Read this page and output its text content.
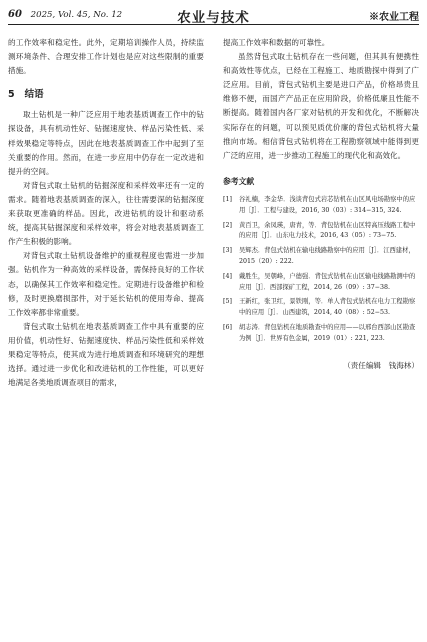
60 2025, Vol. 45, No. 12	农业与技术	※农业工程

的工作效率和稳定性。此外，定期培训操作人员，持续监测环境条件、合理安排工作计划也是应对这些限制的重要措施。

5 结语

取土钻机是一种广泛应用于地表基质调查工作中的钻探设备，具有机动性好、钻掘速度快、样品污染性低、采样效果稳定等特点，因此在地表基质调查工作中起到了至关重要的作用。然而，在进一步应用中仍存在一定改进和提升的空间。

对背包式取土钻机的钻掘深度和采样效率还有一定的需求。随着地表基质调查的深入，往往需要深的钻掘深度来获取更准确的样品。因此，改进钻机的设计和驱动系统，提高其钻掘深度和采样效率，将会对地表基质调查工作产生积极的影响。

对背包式取土钻机设备维护的重视程度也需进一步加强。钻机作为一种高效的采样设备，需保持良好的工作状态，以确保其工作效率和稳定性。定期进行设备维护和检修，及时更换磨损部件，对于延长钻机的使用寿命、提高工作效率都非常重要。

背包式取土钻机在地表基质调查工作中具有重要的应用价值，机动性好、钻掘速度快、样品污染性低和采样效果稳定等特点，使其成为进行地质调查和环境研究的理想选择。通过进一步优化和改进钻机的工作性能，可以更好地满足各类地质调查项目的需求，

提高工作效率和数据的可靠性。

虽然背包式取土钻机存在一些问题，但其具有便携性和高效性等优点，已经在工程施工、地质勘探中得到了广泛应用。目前，背包式钻机主要是进口产品，价格昂贵且维修不便，而国产产品正在应用阶段，价格低廉且性能不断提高。随着国内各厂家对钻机的开发和优化，不断解决实际存在的问题，可以预见质优价廉的背包式钻机将大量推向市场。相信背包式钻机将在工程勘察领域中能得到更广泛的应用，进一步推动工程施工的现代化和高效化。

参考文献
[1] 谷礼楠，李金华．浅谈背包式岩芯钻机在山区风电场勘察中的应用［J］．工程与建设，2016, 30（03）: 314−315, 324.
[2] 黄百卫，余凤瑛，唐青，等．背包钻机在山区特高压线路工程中的应用［J］．山东电力技术，2016, 43（05）: 73−75.
[3] 吴辉杰．背包式钻机在输电线路勘察中的应用［J］．江西建材，2015（20）: 222.
[4] 戴胜生，吴朝峰，户德强．背包式钻机在山区输电线路勘测中的应用［J］．西部探矿工程，2014, 26（09）: 37−38.
[5] 王新红，张卫红，景铁刚，等．单人背包式钻机在电力工程勘察中的应用［J］．山西建筑，2014, 40（08）: 52−53.
[6] 胡志涛．背包钻机在地质勘查中的应用——以邢台西部山区勘查为例［J］．世界有色金属，2019（01）: 221, 223.
（责任编辑　钱海林）
